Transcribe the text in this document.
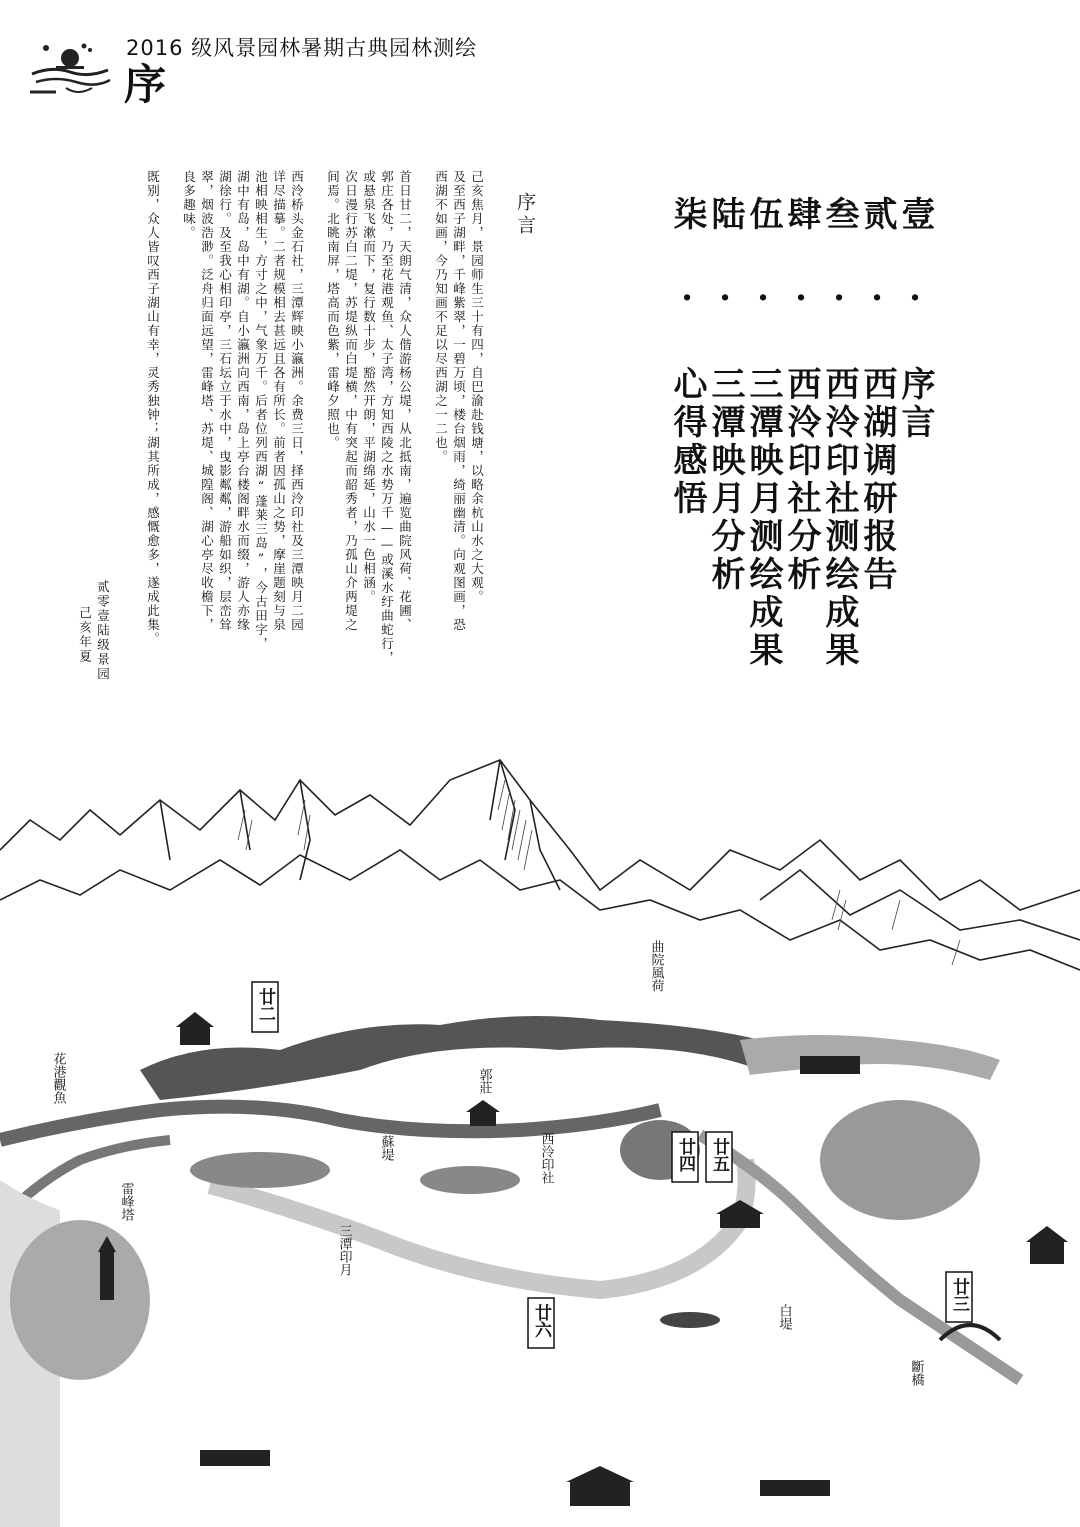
2016 级风景园林暑期古典园林测绘
序
壹 · 序言
贰 · 西湖调研报告
叁 · 西泠印社测绘成果
肆 · 西泠印社分析
伍 · 三潭映月测绘成果
陆 · 三潭映月分析
柒 · 心得感悟
序言
己亥焦月，景园师生三十有四，自巴渝赴钱塘，以略余杭山水之大观。
及至西子湖畔，千峰紫翠，一碧万顷，楼台烟雨，绮丽幽清。向观图画，恐
西湖不如画，今乃知画不足以尽西湖之一二也。
首日甘二，天朗气清，众人偕游杨公堤，从北抵南，遍览曲院风荷、花圃、
郭庄各处，乃至花港观鱼、太子湾，方知西陵之水势万千——或溪水纡曲蛇行，
或悬泉飞漱而下，复行数十步，豁然开朗，平湖绵延，山水一色相涵。
次日漫行苏白二堤，苏堤纵而白堤横，中有突起而韶秀者，乃孤山介两堤之
间焉。北眺南屏，塔高而色紫，雷峰夕照也。
西泠桥头金石社，三潭辉映小瀛洲。余费三日，择西泠印社及三潭映月二园
详尽描摹。二者规模相去甚远且各有所长。前者因孤山之势，摩崖题刻与泉
池相映相生，方寸之中，气象万千。后者位列西湖“蓬莱三岛”，今古田字，
湖中有岛，岛中有湖。自小瀛洲向西南，岛上亭台楼阁畔水而缀，游人亦缘
湖徐行。及至我心相印亭，三石坛立于水中，曳影粼粼，游船如织，层峦耸
翠，烟波浩渺。泛舟归面远望，雷峰塔、苏堤、城隍阁、湖心亭尽收檐下，
良多趣味。
既别，众人皆叹西子湖山有幸，灵秀独钟；湖其所成，感慨愈多，遂成此集。
贰零壹陆级景园
己亥年夏
曲院風荷
郭莊
花港觀魚
蘇堤	西泠印社
雷峰塔
三潭印月
白堤
斷橋
廿二
廿四 廿五
廿三
廿六
